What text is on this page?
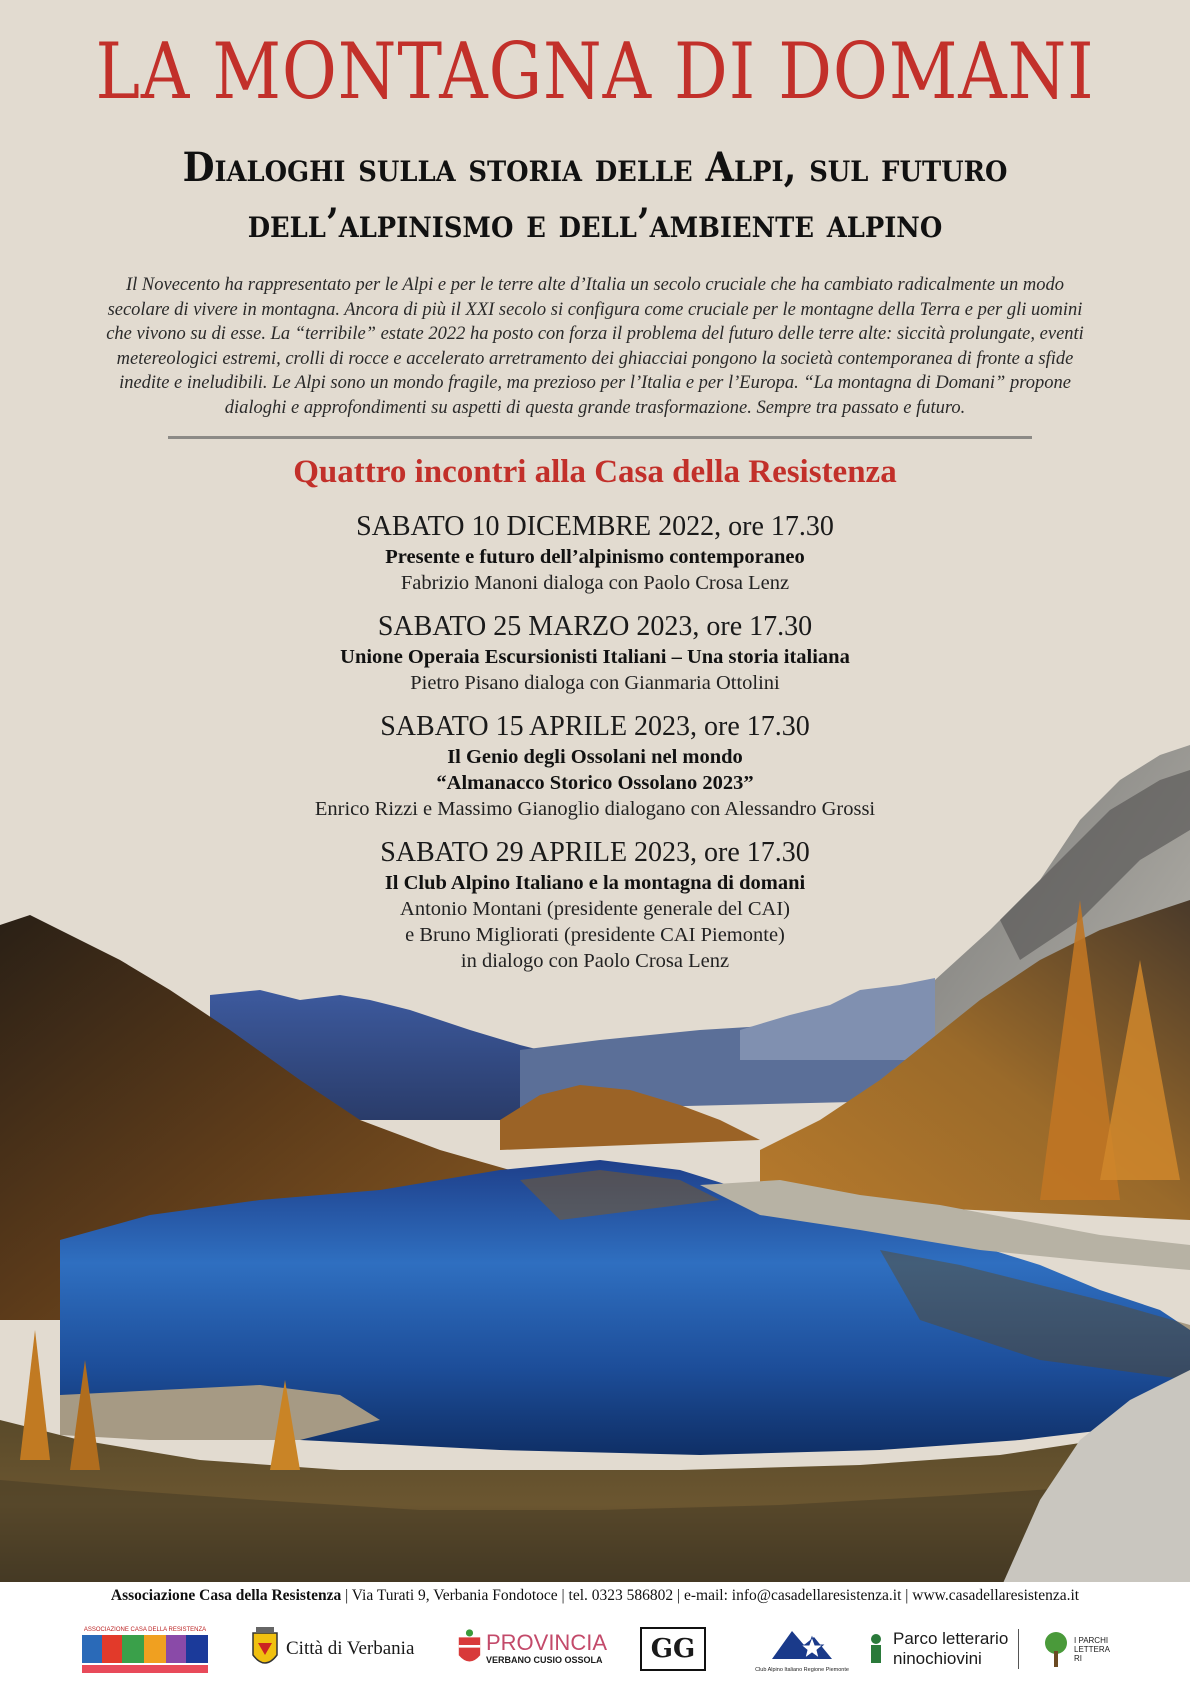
LA MONTAGNA DI DOMANI
Dialoghi sulla storia delle Alpi, sul futuro
dell’alpinismo e dell’ambiente alpino
Il Novecento ha rappresentato per le Alpi e per le terre alte d’Italia un secolo cruciale che ha cambiato radicalmente un modo
secolare di vivere in montagna. Ancora di più il XXI secolo si configura come cruciale per le montagne della Terra e per gli uomini
che vivono su di esse. La “terribile” estate 2022 ha posto con forza il problema del futuro delle terre alte: siccità prolungate, eventi
metereologici estremi, crolli di rocce e accelerato arretramento dei ghiacciai pongono la società contemporanea di fronte a sfide
inedite e ineludibili. Le Alpi sono un mondo fragile, ma prezioso per l’Italia e per l’Europa. “La montagna di Domani” propone
dialoghi e approfondimenti su aspetti di questa grande trasformazione. Sempre tra passato e futuro.
Quattro incontri alla Casa della Resistenza
SABATO 10 DICEMBRE 2022, ore 17.30
Presente e futuro dell’alpinismo contemporaneo
Fabrizio Manoni dialoga con Paolo Crosa Lenz
SABATO 25 MARZO 2023, ore 17.30
Unione Operaia Escursionisti Italiani – Una storia italiana
Pietro Pisano dialoga con Gianmaria Ottolini
SABATO 15 APRILE 2023, ore 17.30
Il Genio degli Ossolani nel mondo
“Almanacco Storico Ossolano 2023”
Enrico Rizzi e Massimo Gianoglio dialogano con Alessandro Grossi
SABATO 29 APRILE 2023, ore 17.30
Il Club Alpino Italiano e la montagna di domani
Antonio Montani (presidente generale del CAI)
e Bruno Migliorati (presidente CAI Piemonte)
in dialogo con Paolo Crosa Lenz
Associazione Casa della Resistenza | Via Turati 9, Verbania Fondotoce | tel. 0323 586802 | e-mail: info@casadellaresistenza.it | www.casadellaresistenza.it
ASSOCIAZIONE CASA DELLA RESISTENZA
Città di Verbania	PROVINCIA
VERBANO CUSIO OSSOLA	GG
Club Alpino Italiano Regione Piemonte
Parco letterario
ninochiovini
I PARCHI LETTERARI
